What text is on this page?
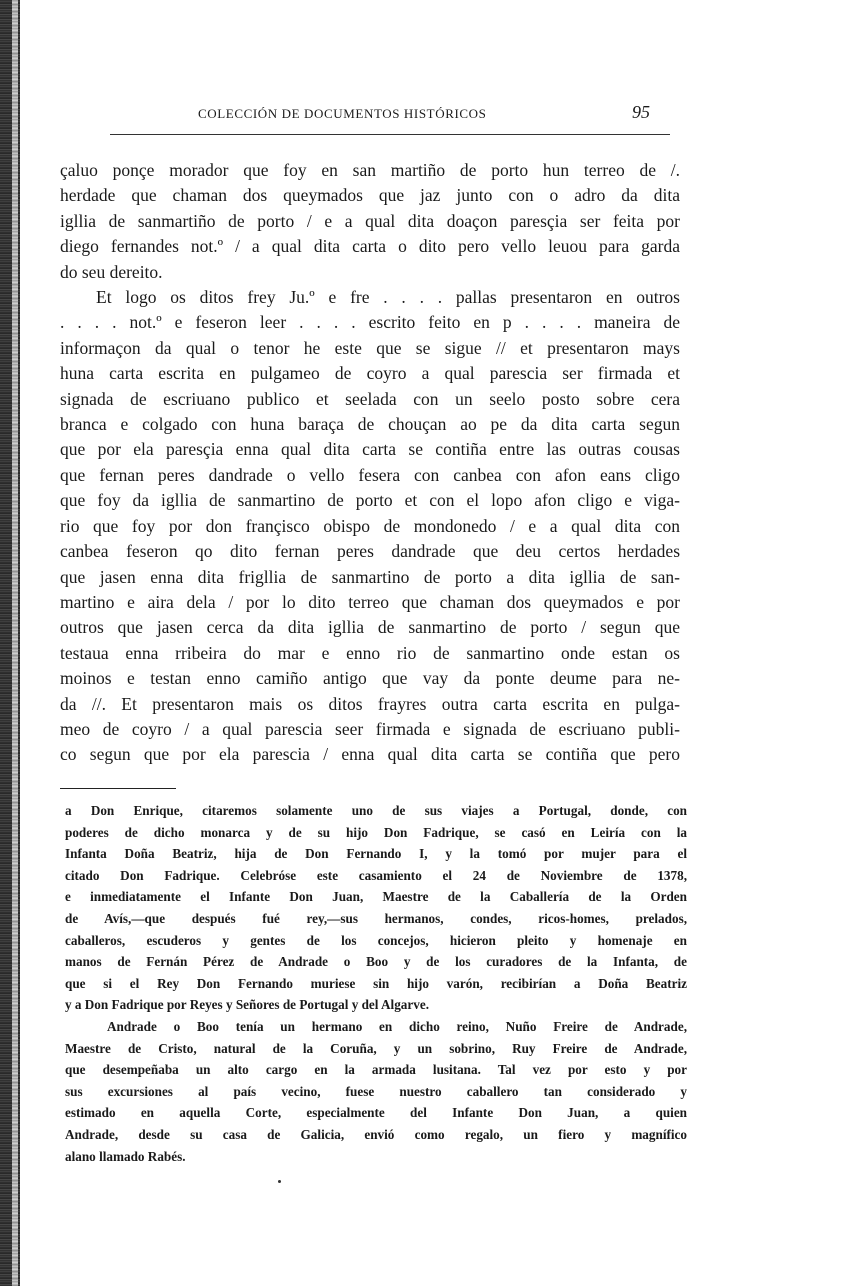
COLECCIÓN DE DOCUMENTOS HISTÓRICOS	95
çaluo ponçe morador que foy en san martiño de porto hun terreo de /.
herdade que chaman dos queymados que jaz junto con o adro da dita
igllia de sanmartiño de porto / e a qual dita doaçon paresçia ser feita por
diego fernandes not.º / a qual dita carta o dito pero vello leuou para garda
do seu dereito.
Et logo os ditos frey Ju.º e fre . . . . pallas presentaron en outros
. . . . not.º e feseron leer . . . . escrito feito en p . . . . maneira de
informaçon da qual o tenor he este que se sigue // et presentaron mays
huna carta escrita en pulgameo de coyro a qual parescia ser firmada et
signada de escriuano publico et seelada con un seelo posto sobre cera
branca e colgado con huna baraça de chouçan ao pe da dita carta segun
que por ela paresçia enna qual dita carta se contiña entre las outras cousas
que fernan peres dandrade o vello fesera con canbea con afon eans cligo
que foy da igllia de sanmartino de porto et con el lopo afon cligo e viga-
rio que foy por don françisco obispo de mondonedo / e a qual dita con
canbea feseron qo dito fernan peres dandrade que deu certos herdades
que jasen enna dita frigllia de sanmartino de porto a dita igllia de san-
martino e aira dela / por lo dito terreo que chaman dos queymados e por
outros que jasen cerca da dita igllia de sanmartino de porto / segun que
testaua enna rribeira do mar e enno rio de sanmartino onde estan os
moinos e testan enno camiño antigo que vay da ponte deume para ne-
da //. Et presentaron mais os ditos frayres outra carta escrita en pulga-
meo de coyro / a qual parescia seer firmada e signada de escriuano publi-
co segun que por ela parescia / enna qual dita carta se contiña que pero
a Don Enrique, citaremos solamente uno de sus viajes a Portugal, donde, con
poderes de dicho monarca y de su hijo Don Fadrique, se casó en Leiría con la
Infanta Doña Beatriz, hija de Don Fernando I, y la tomó por mujer para el
citado Don Fadrique. Celebróse este casamiento el 24 de Noviembre de 1378,
e inmediatamente el Infante Don Juan, Maestre de la Caballería de la Orden
de Avís,—que después fué rey,—sus hermanos, condes, ricos-homes, prelados,
caballeros, escuderos y gentes de los concejos, hicieron pleito y homenaje en
manos de Fernán Pérez de Andrade o Boo y de los curadores de la Infanta, de
que si el Rey Don Fernando muriese sin hijo varón, recibirían a Doña Beatriz
y a Don Fadrique por Reyes y Señores de Portugal y del Algarve.
Andrade o Boo tenía un hermano en dicho reino, Nuño Freire de Andrade,
Maestre de Cristo, natural de la Coruña, y un sobrino, Ruy Freire de Andrade,
que desempeñaba un alto cargo en la armada lusitana. Tal vez por esto y por
sus excursiones al país vecino, fuese nuestro caballero tan considerado y
estimado en aquella Corte, especialmente del Infante Don Juan, a quien
Andrade, desde su casa de Galicia, envió como regalo, un fiero y magnífico
alano llamado Rabés.
